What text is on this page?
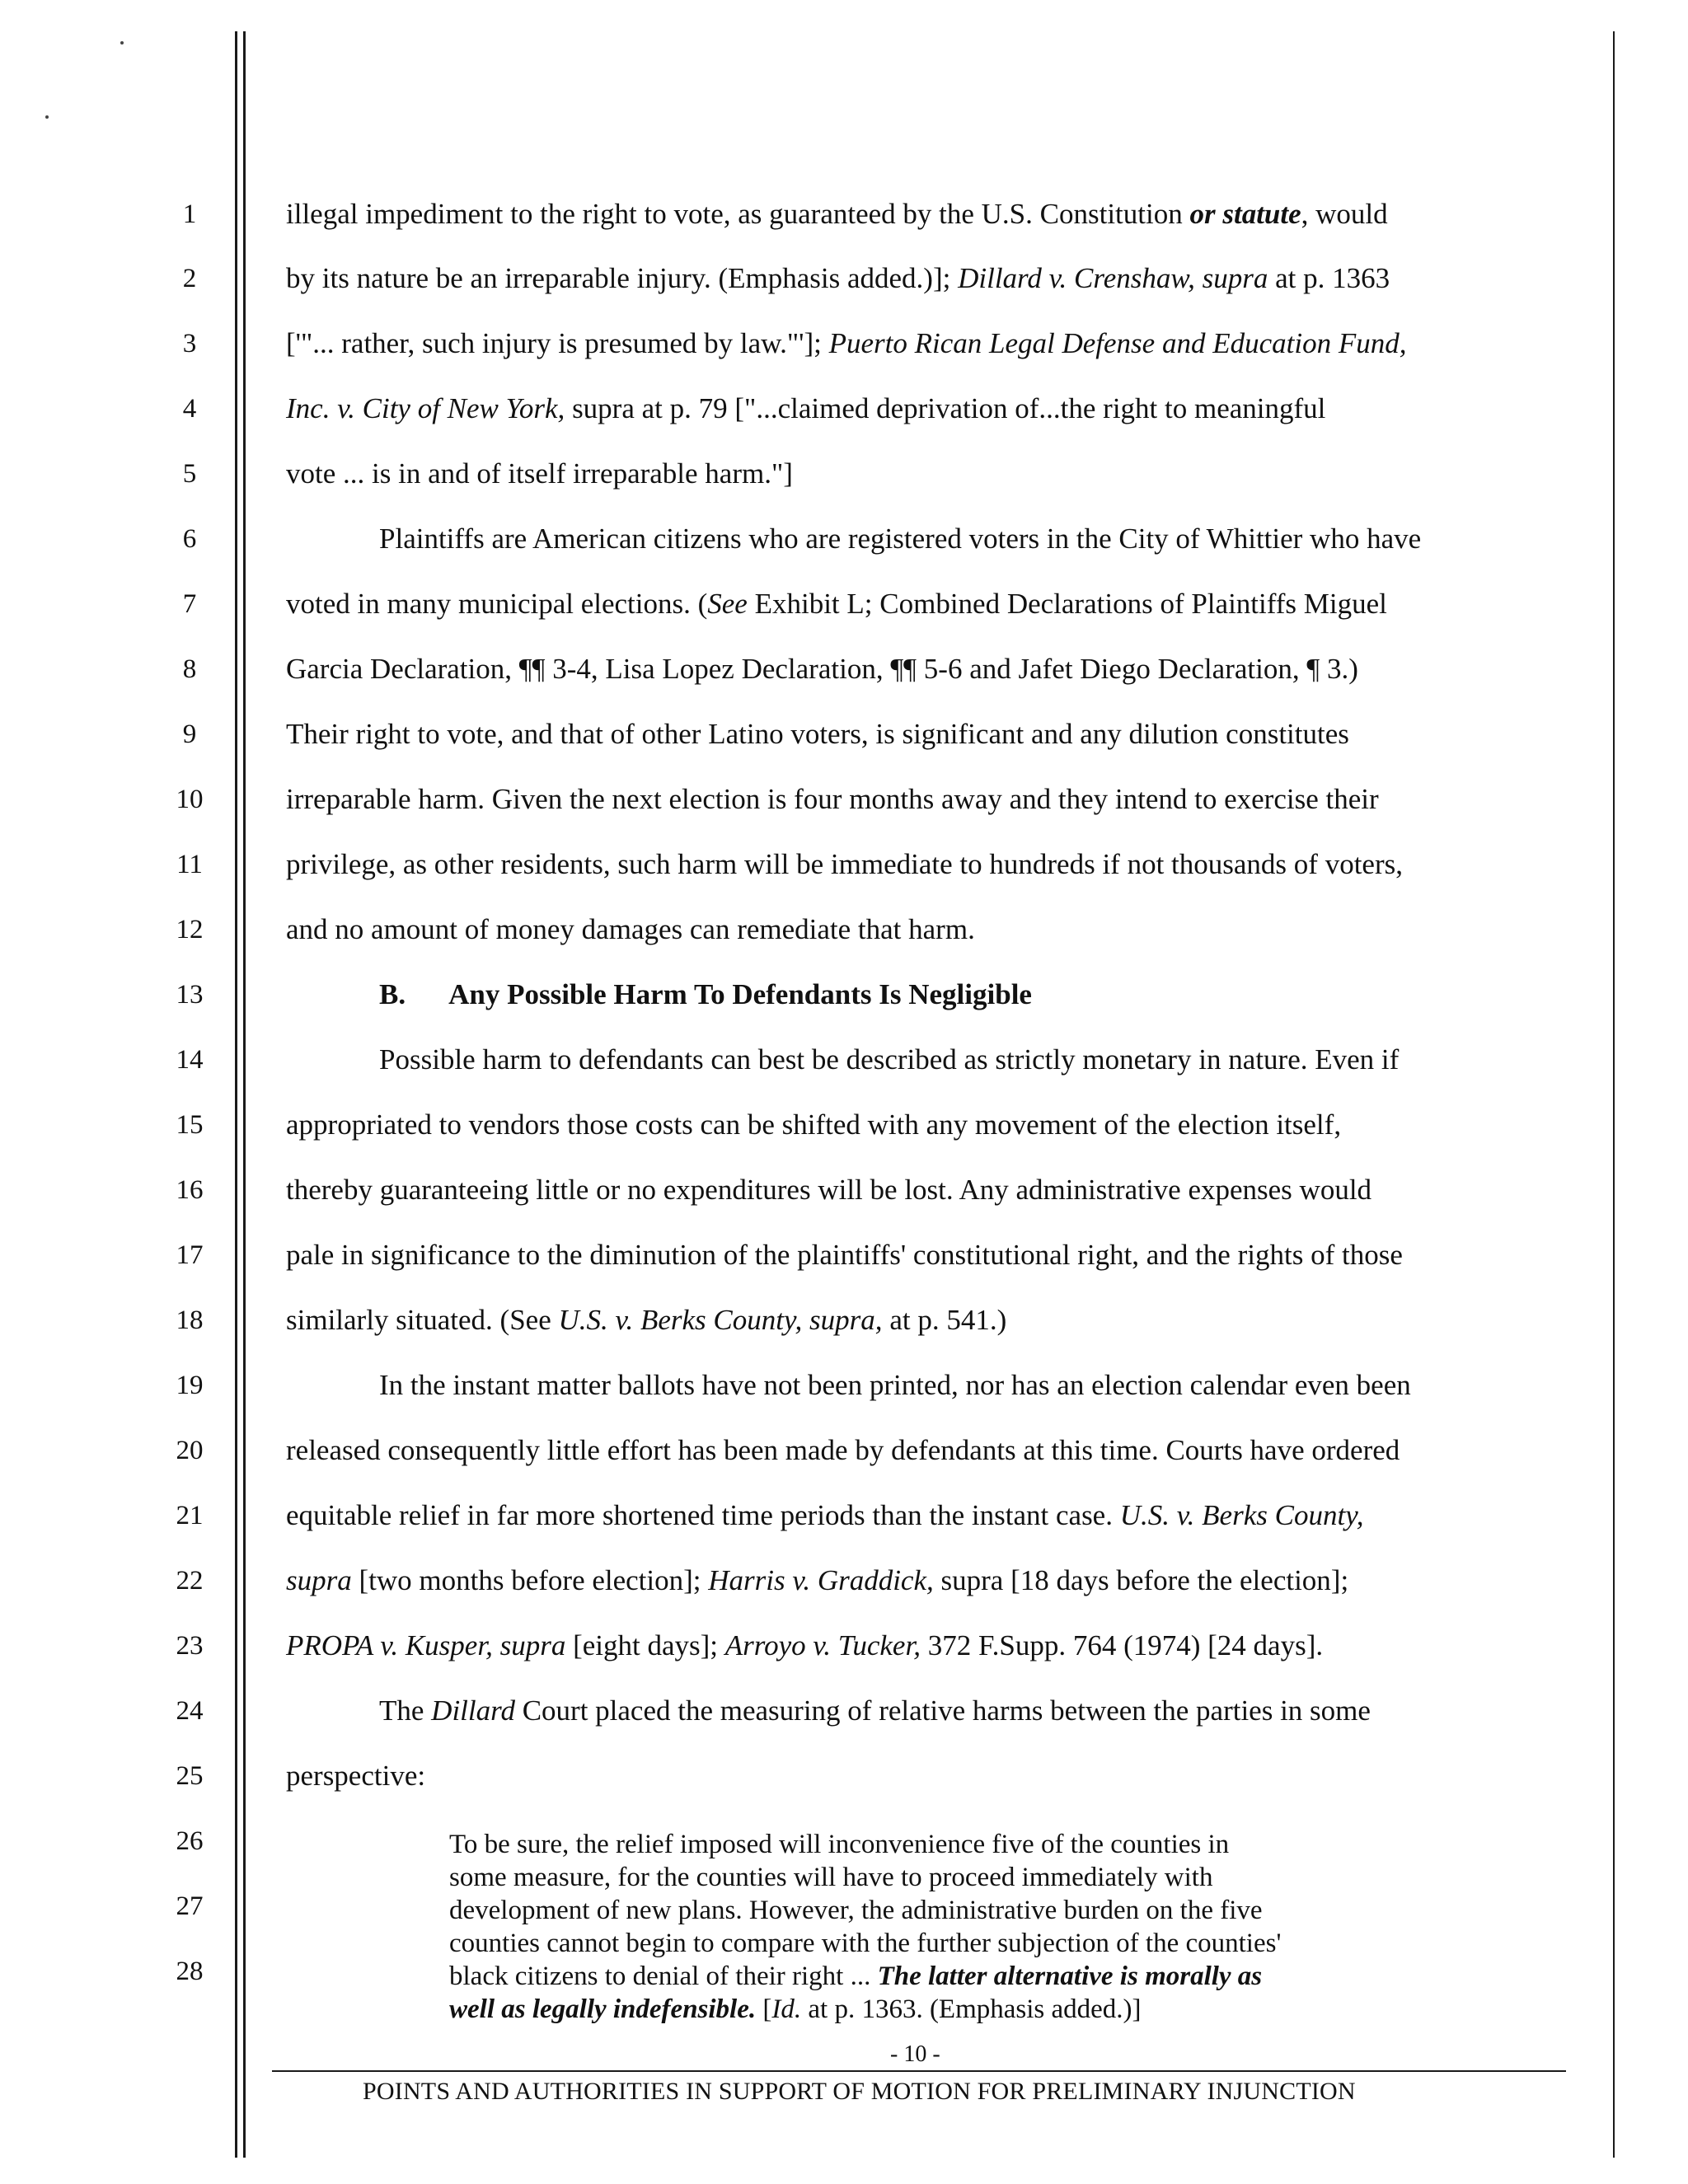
1
2
3
4
5
6
7
8
9
10
11
12
13
14
15
16
17
18
19
20
21
22
23
24
25
26
27
28
illegal impediment to the right to vote, as guaranteed by the U.S. Constitution or statute, would
by its nature be an irreparable injury. (Emphasis added.)]; Dillard v. Crenshaw, supra at p. 1363
['"... rather, such injury is presumed by law."']; Puerto Rican Legal Defense and Education Fund,
Inc. v. City of New York, supra at p. 79 ["...claimed deprivation of...the right to meaningful
vote ... is in and of itself irreparable harm."]
Plaintiffs are American citizens who are registered voters in the City of Whittier who have
voted in many municipal elections. (See Exhibit L; Combined Declarations of Plaintiffs Miguel
Garcia Declaration, ¶¶ 3-4, Lisa Lopez Declaration, ¶¶ 5-6 and Jafet Diego Declaration, ¶ 3.)
Their right to vote, and that of other Latino voters, is significant and any dilution constitutes
irreparable harm. Given the next election is four months away and they intend to exercise their
privilege, as other residents, such harm will be immediate to hundreds if not thousands of voters,
and no amount of money damages can remediate that harm.
B. Any Possible Harm To Defendants Is Negligible
Possible harm to defendants can best be described as strictly monetary in nature. Even if
appropriated to vendors those costs can be shifted with any movement of the election itself,
thereby guaranteeing little or no expenditures will be lost. Any administrative expenses would
pale in significance to the diminution of the plaintiffs' constitutional right, and the rights of those
similarly situated. (See U.S. v. Berks County, supra, at p. 541.)
In the instant matter ballots have not been printed, nor has an election calendar even been
released consequently little effort has been made by defendants at this time. Courts have ordered
equitable relief in far more shortened time periods than the instant case. U.S. v. Berks County,
supra [two months before election]; Harris v. Graddick, supra [18 days before the election];
PROPA v. Kusper, supra [eight days]; Arroyo v. Tucker, 372 F.Supp. 764 (1974) [24 days].
The Dillard Court placed the measuring of relative harms between the parties in some
perspective:
To be sure, the relief imposed will inconvenience five of the counties in
some measure, for the counties will have to proceed immediately with
development of new plans. However, the administrative burden on the five
counties cannot begin to compare with the further subjection of the counties'
black citizens to denial of their right ... The latter alternative is morally as
well as legally indefensible. [Id. at p. 1363. (Emphasis added.)]
- 10 -
POINTS AND AUTHORITIES IN SUPPORT OF MOTION FOR PRELIMINARY INJUNCTION
